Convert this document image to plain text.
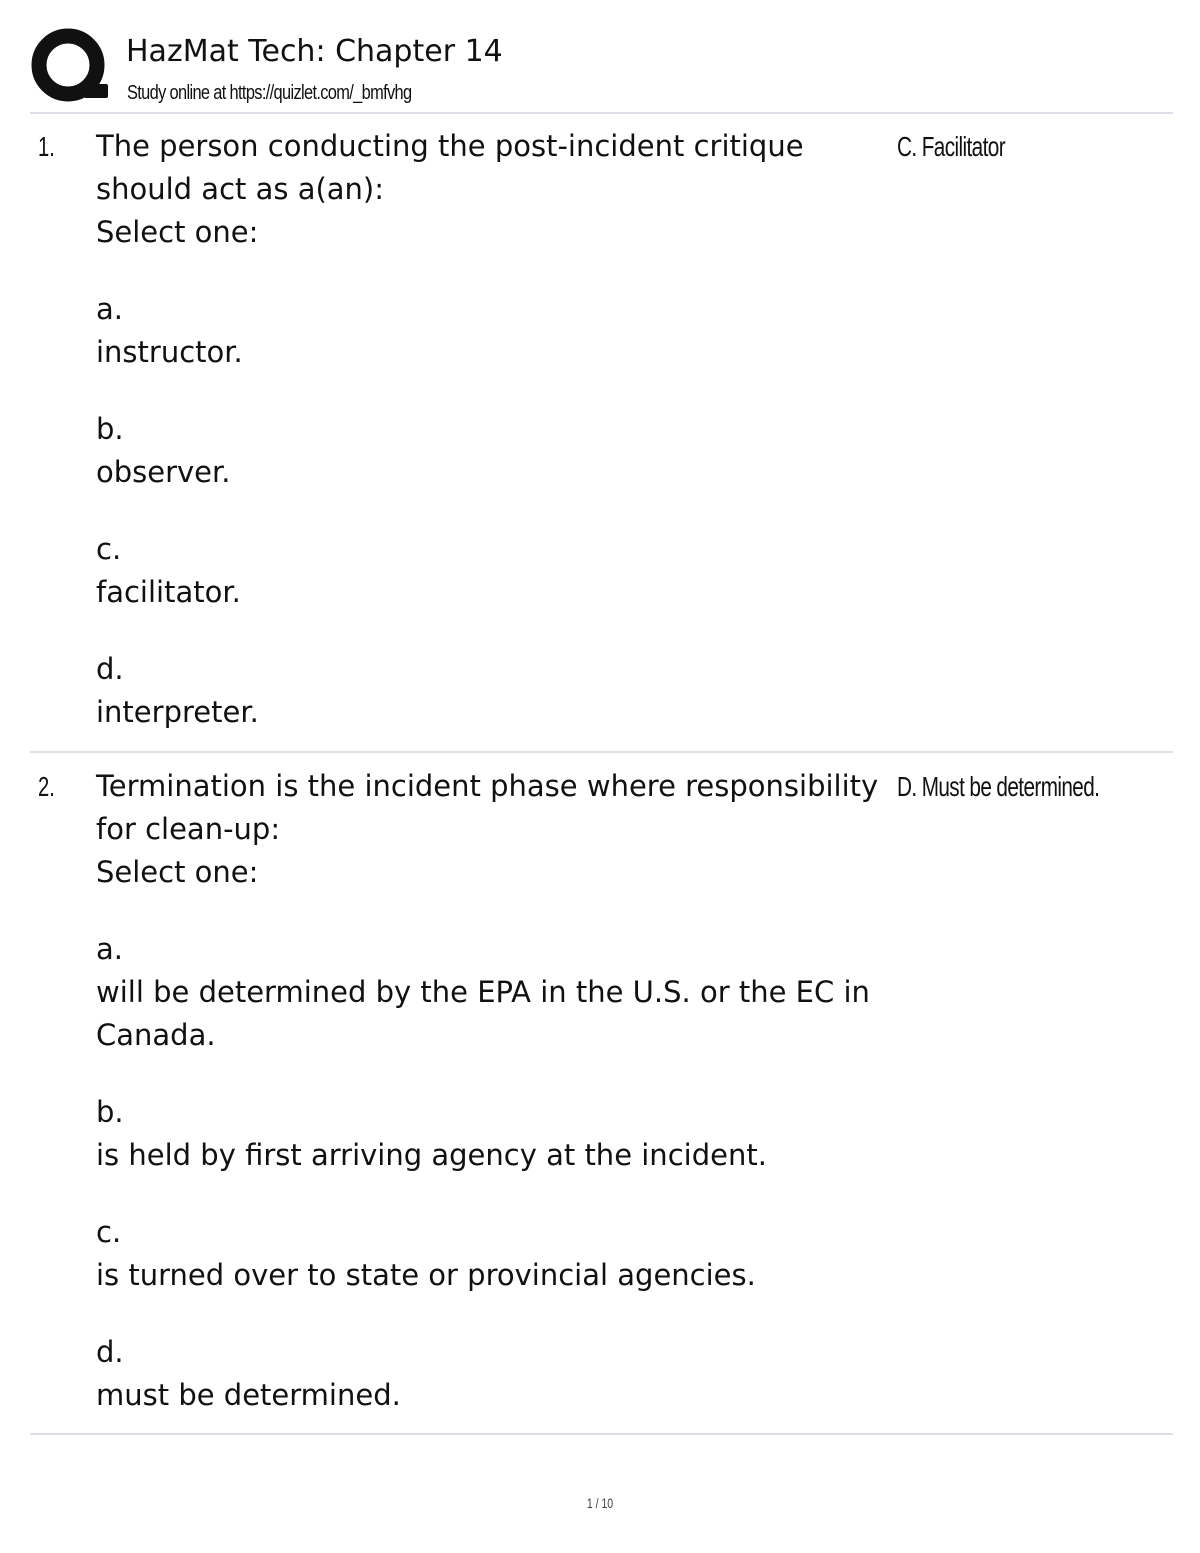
HazMat Tech: Chapter 14
Study online at https://quizlet.com/_bmfvhg
1. The person conducting the post-incident critique
should act as a(an):
Select one:
a.
instructor.
b.
observer.
c.
facilitator.
d.
interpreter.
C. Facilitator
2. Termination is the incident phase where responsibility
for clean-up:
Select one:
a.
will be determined by the EPA in the U.S. or the EC in
Canada.
b.
is held by first arriving agency at the incident.
c.
is turned over to state or provincial agencies.
d.
must be determined.
D. Must be determined.
1 / 10
